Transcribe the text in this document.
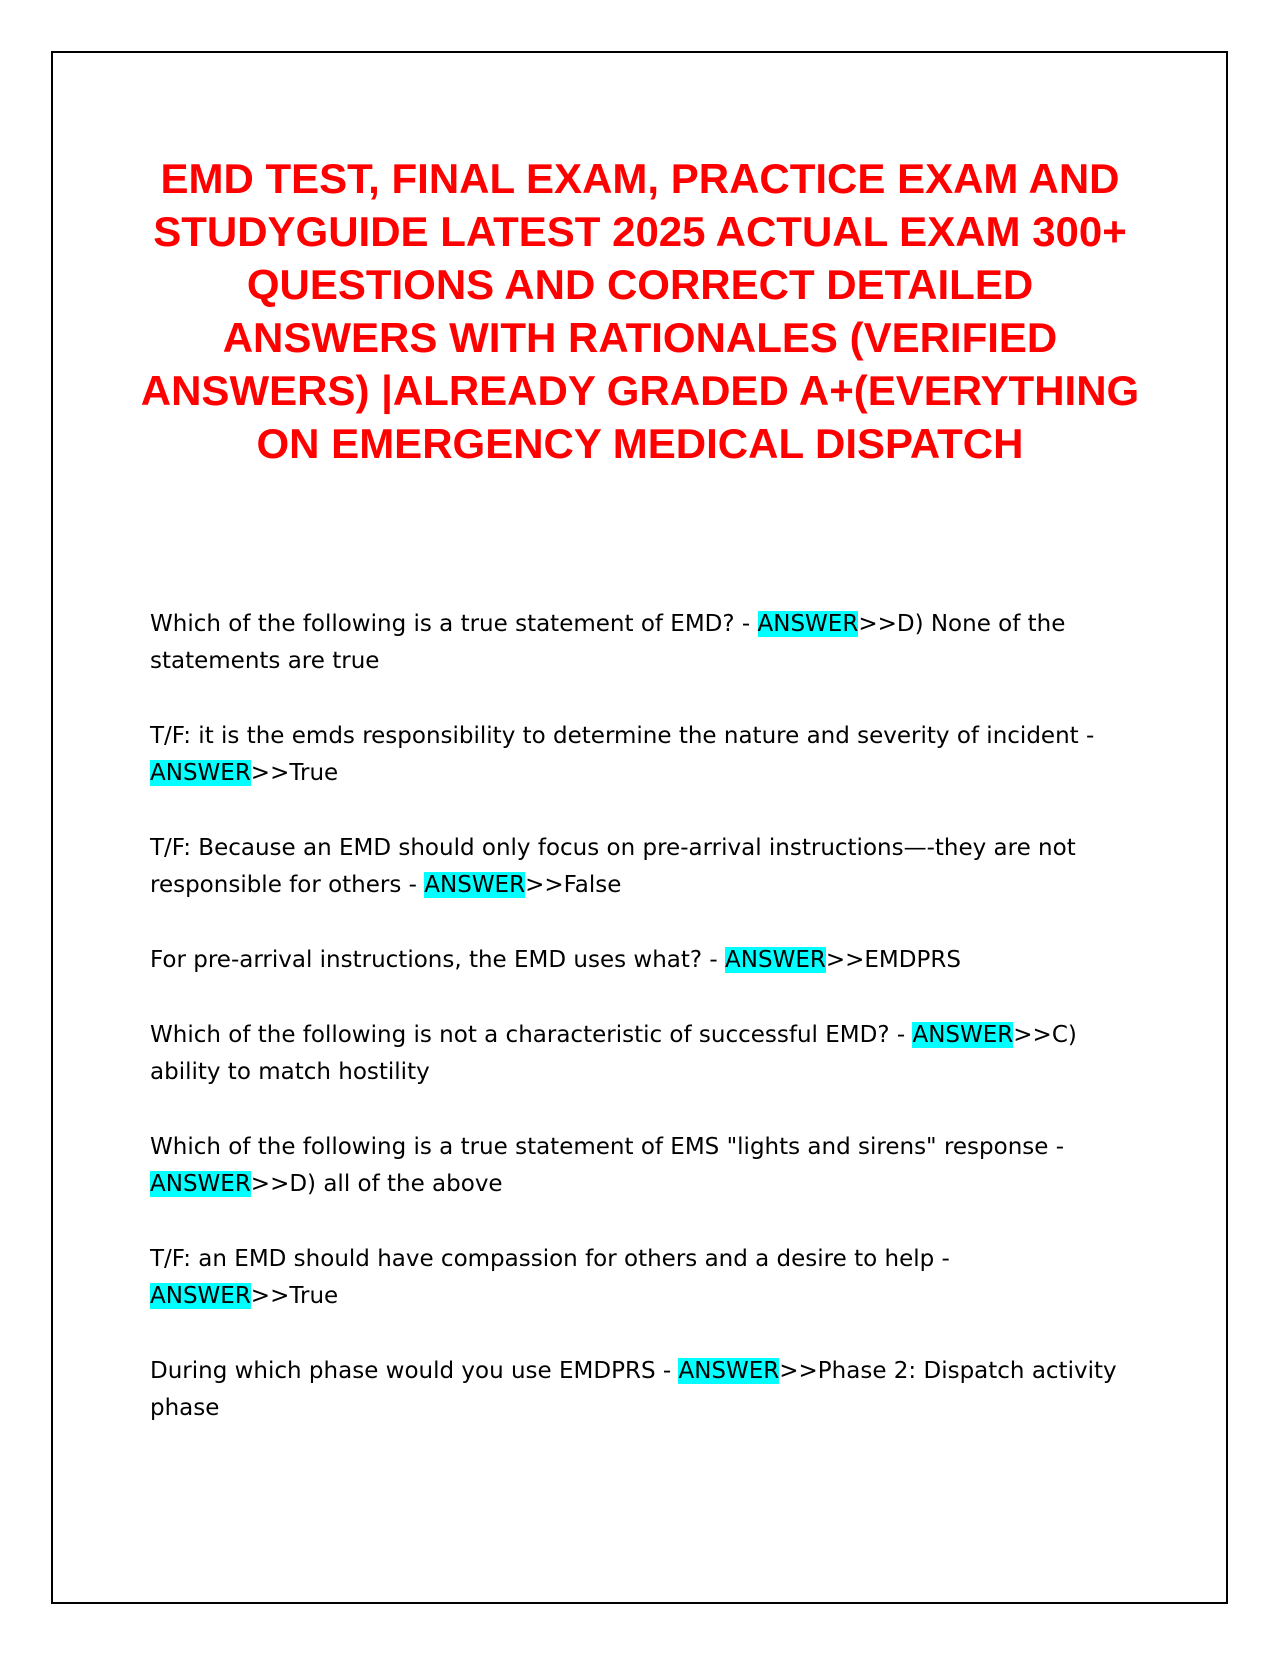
EMD TEST, FINAL EXAM, PRACTICE EXAM AND STUDYGUIDE LATEST 2025 ACTUAL EXAM 300+ QUESTIONS AND CORRECT DETAILED ANSWERS WITH RATIONALES (VERIFIED ANSWERS) |ALREADY GRADED A+(EVERYTHING ON EMERGENCY MEDICAL DISPATCH

Which of the following is a true statement of EMD? - ANSWER>>D) None of the statements are true

T/F: it is the emds responsibility to determine the nature and severity of incident - ANSWER>>True

T/F: Because an EMD should only focus on pre-arrival instructions—-they are not responsible for others - ANSWER>>False

For pre-arrival instructions, the EMD uses what? - ANSWER>>EMDPRS

Which of the following is not a characteristic of successful EMD? - ANSWER>>C) ability to match hostility

Which of the following is a true statement of EMS "lights and sirens" response - ANSWER>>D) all of the above

T/F: an EMD should have compassion for others and a desire to help - ANSWER>>True

During which phase would you use EMDPRS - ANSWER>>Phase 2: Dispatch activity phase
